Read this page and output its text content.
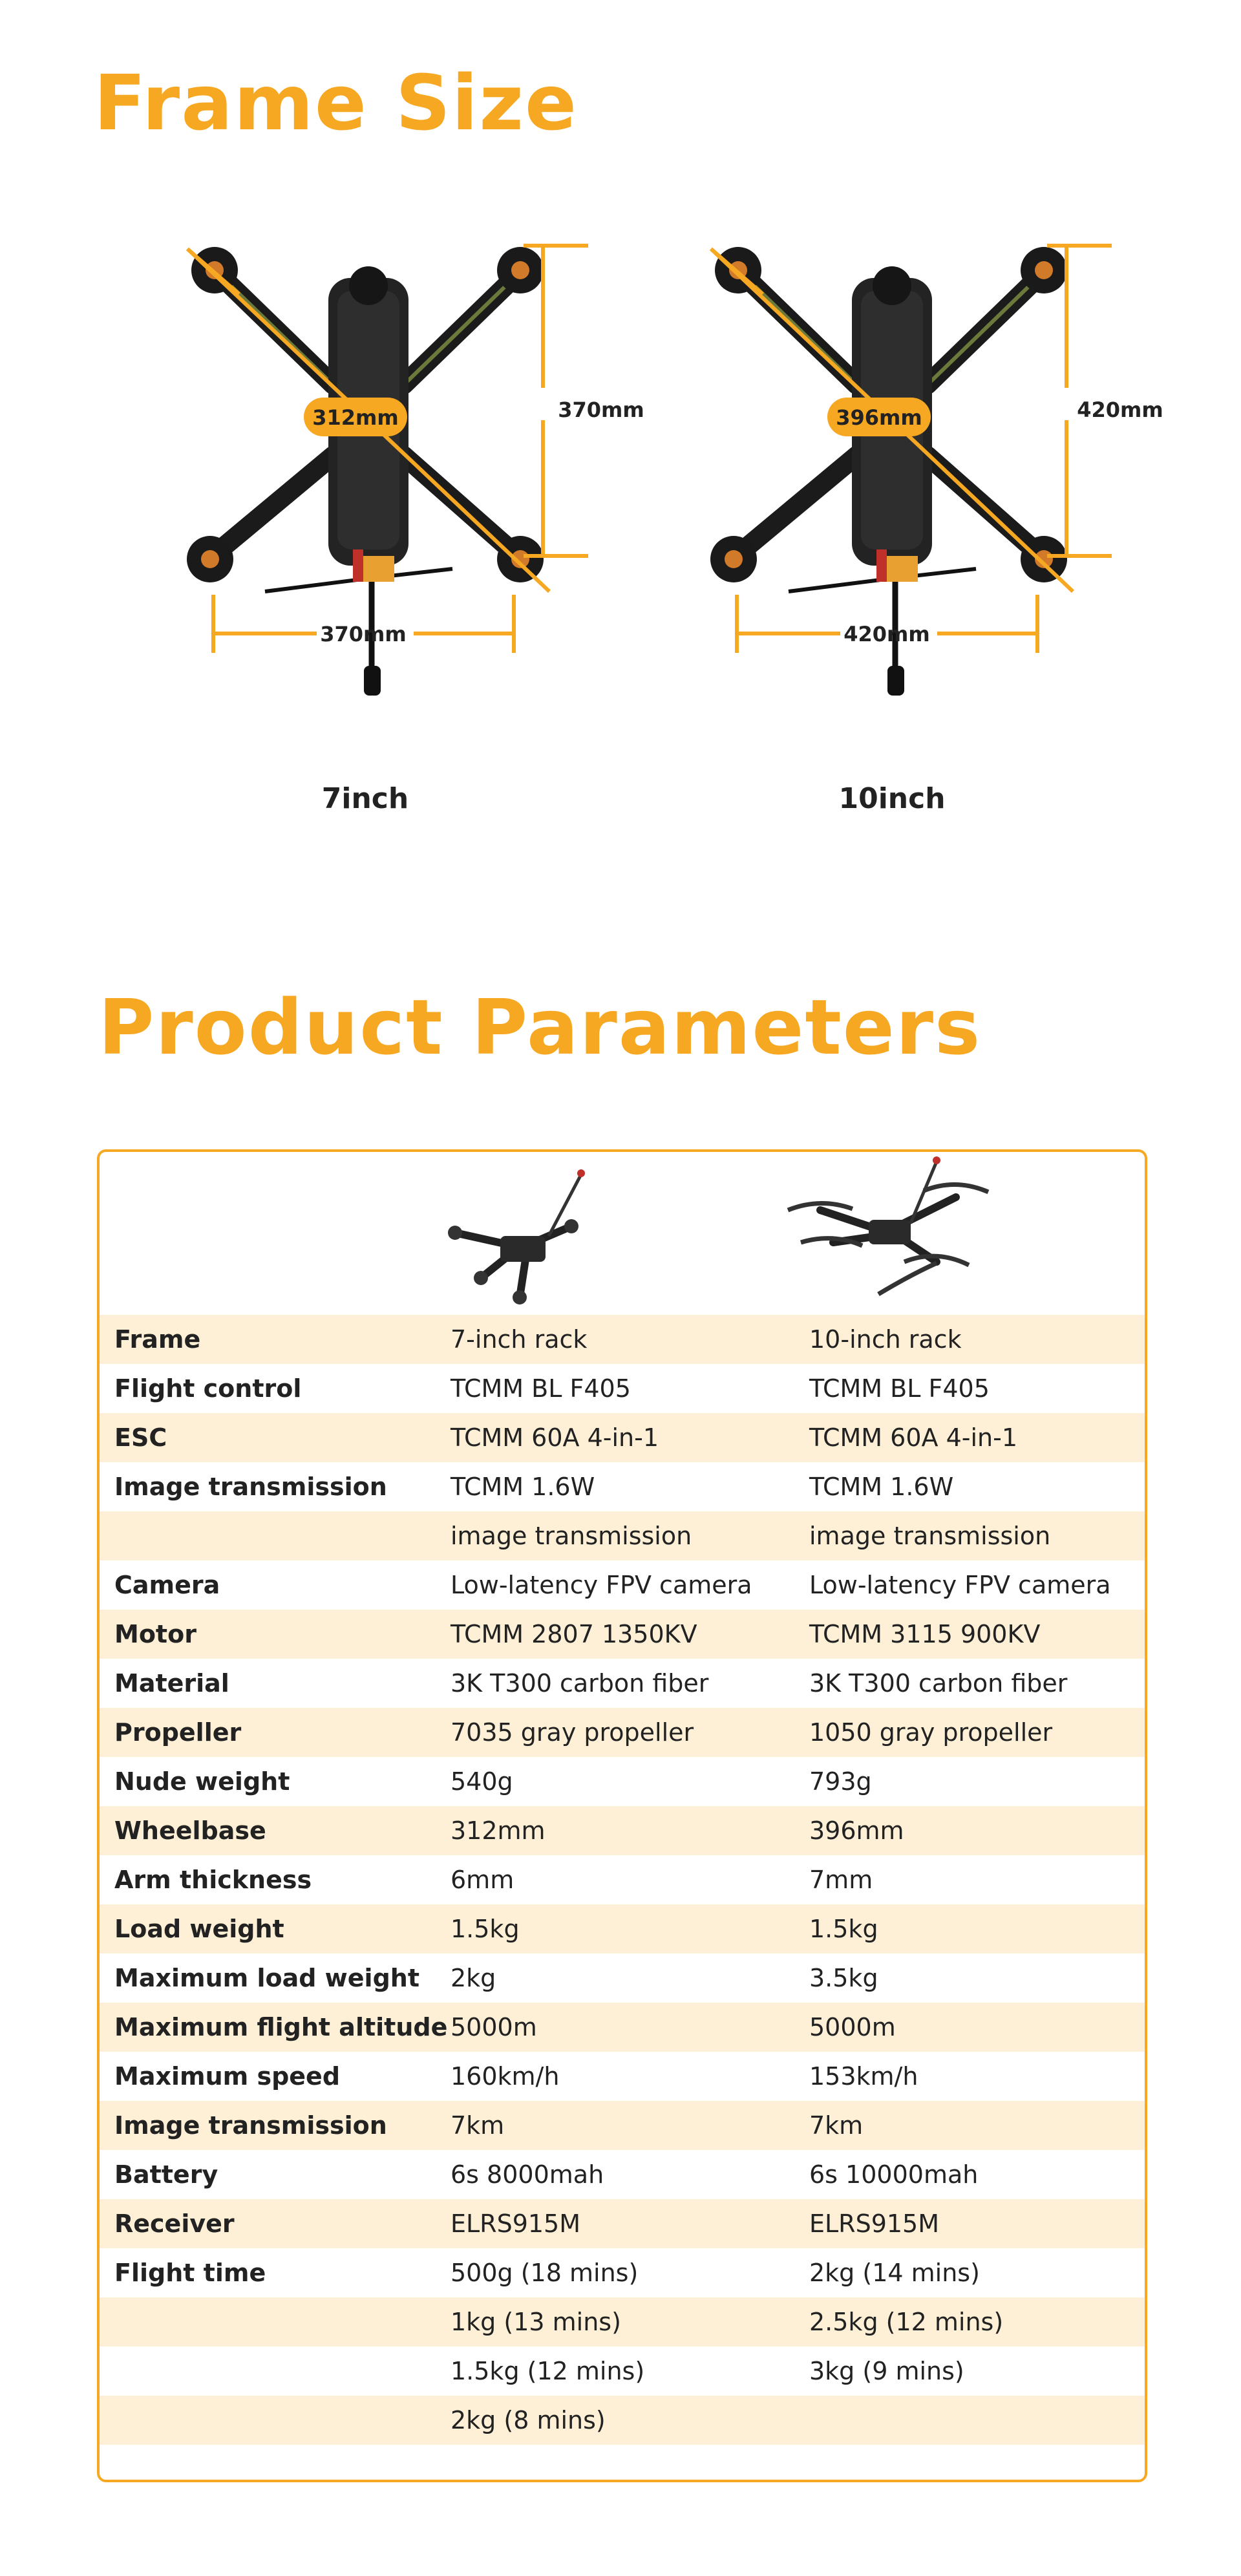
Frame Size
312mm	370mm
370mm
396mm	420mm
420mm
7inch	10inch
Product Parameters
Frame	7-inch rack	10-inch rack
Flight control	TCMM BL F405	TCMM BL F405
ESC	TCMM 60A 4-in-1	TCMM 60A 4-in-1
Image transmission	TCMM 1.6W	TCMM 1.6W
	image transmission	image transmission
Camera	Low-latency FPV camera	Low-latency FPV camera
Motor	TCMM 2807 1350KV	TCMM 3115 900KV
Material	3K T300 carbon fiber	3K T300 carbon fiber
Propeller	7035 gray propeller	1050 gray propeller
Nude weight	540g	793g
Wheelbase	312mm	396mm
Arm thickness	6mm	7mm
Load weight	1.5kg	1.5kg
Maximum load weight	2kg	3.5kg
Maximum flight altitude	5000m	5000m
Maximum speed	160km/h	153km/h
Image transmission	7km	7km
Battery	6s 8000mah	6s 10000mah
Receiver	ELRS915M	ELRS915M
Flight time	500g (18 mins)	2kg (14 mins)
	1kg (13 mins)	2.5kg (12 mins)
	1.5kg (12 mins)	3kg (9 mins)
	2kg (8 mins)	
